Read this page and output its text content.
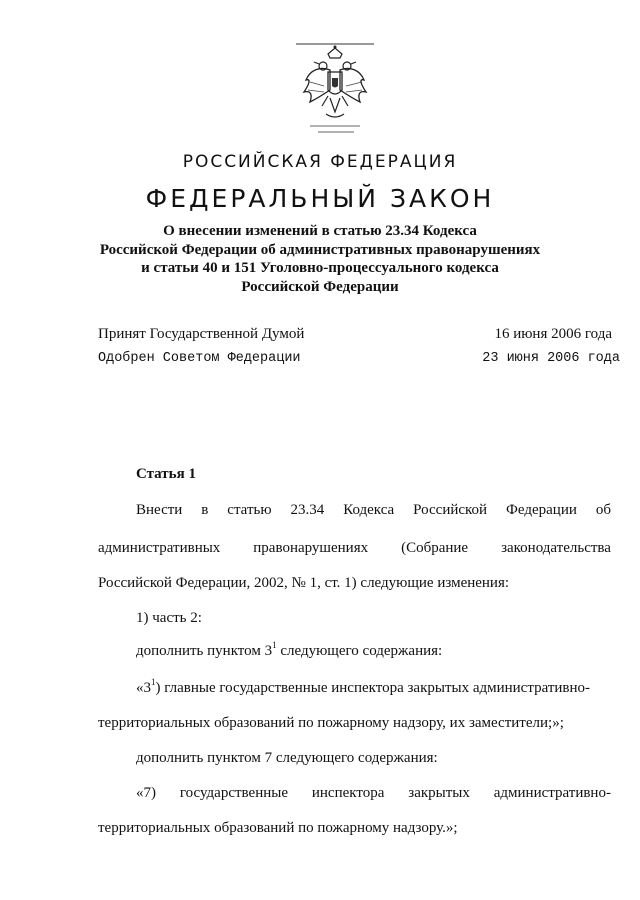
РОССИЙСКАЯ ФЕДЕРАЦИЯ
ФЕДЕРАЛЬНЫЙ ЗАКОН
О внесении изменений в статью 23.34 Кодекса
Российской Федерации об административных правонарушениях
и статьи 40 и 151 Уголовно-процессуального кодекса
Российской Федерации
Принят Государственной Думой	16 июня 2006 года
Одобрен Советом Федерации	23 июня 2006 года
Статья 1
Внести в статью 23.34 Кодекса Российской Федерации об
административных правонарушениях (Собрание законодательства
Российской Федерации, 2002, № 1, ст. 1) следующие изменения:
1) часть 2:
дополнить пунктом $3^1$ следующего содержания:
«$3^1$) главные государственные инспектора закрытых административно-
территориальных образований по пожарному надзору, их заместители;»;
дополнить пунктом 7 следующего содержания:
«7) государственные инспектора закрытых административно-
территориальных образований по пожарному надзору.»;
